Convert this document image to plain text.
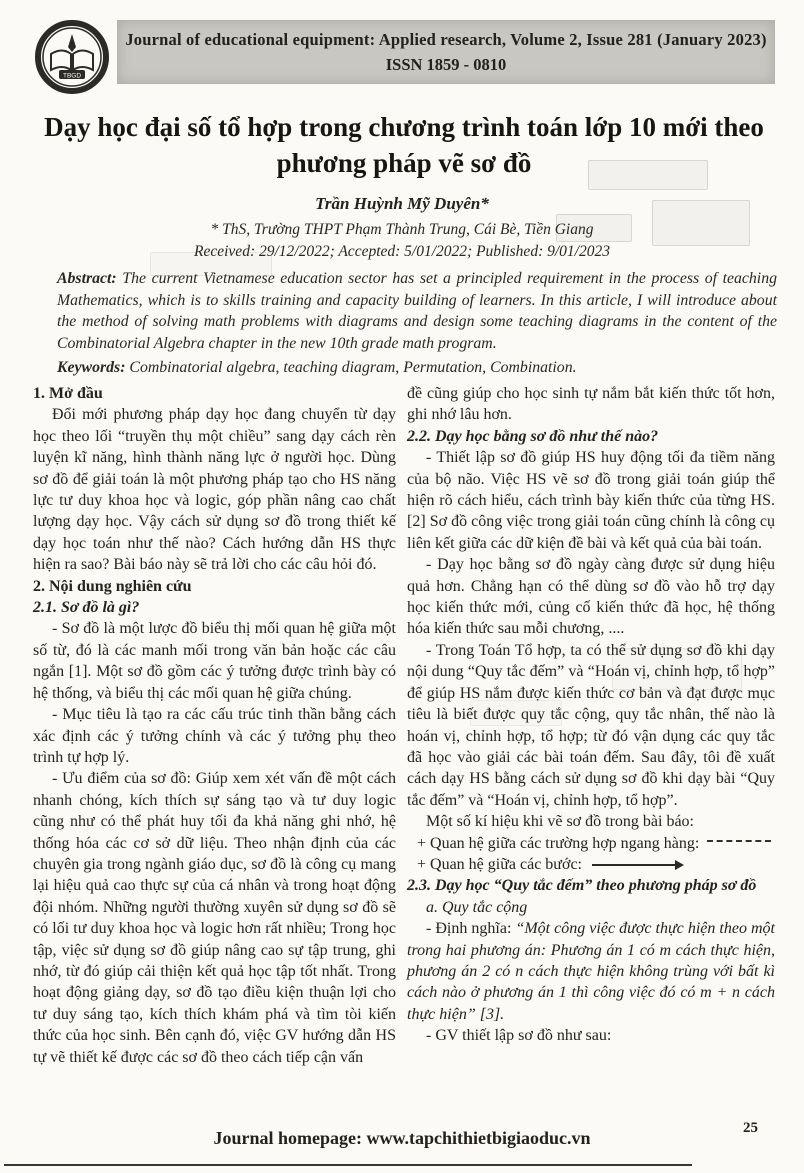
TBGD
Journal of educational equipment: Applied research, Volume 2, Issue 281 (January 2023)
ISSN 1859 - 0810
Dạy học đại số tổ hợp trong chương trình toán lớp 10 mới theo phương pháp vẽ sơ đồ
Trần Huỳnh Mỹ Duyên*
* ThS, Trường THPT Phạm Thành Trung, Cái Bè, Tiền Giang
Received: 29/12/2022; Accepted: 5/01/2022; Published: 9/01/2023

Abstract: The current Vietnamese education sector has set a principled requirement in the process of teaching Mathematics, which is to skills training and capacity building of learners. In this article, I will introduce about the method of solving math problems with diagrams and design some teaching diagrams in the content of the Combinatorial Algebra chapter in the new 10th grade math program.

Keywords: Combinatorial algebra, teaching diagram, Permutation, Combination.

1. Mở đầu

Đổi mới phương pháp dạy học đang chuyển từ dạy học theo lối “truyền thụ một chiều” sang dạy cách rèn luyện kĩ năng, hình thành năng lực ở người học. Dùng sơ đồ để giải toán là một phương pháp tạo cho HS năng lực tư duy khoa học và logic, góp phần nâng cao chất lượng dạy học. Vậy cách sử dụng sơ đồ trong thiết kế dạy học toán như thế nào? Cách hướng dẫn HS thực hiện ra sao? Bài báo này sẽ trả lời cho các câu hỏi đó.

2. Nội dung nghiên cứu

2.1. Sơ đồ là gì?

- Sơ đồ là một lược đồ biểu thị mối quan hệ giữa một số từ, đó là các manh mối trong văn bản hoặc các câu ngắn [1]. Một sơ đồ gồm các ý tưởng được trình bày có hệ thống, và biểu thị các mối quan hệ giữa chúng.

- Mục tiêu là tạo ra các cấu trúc tinh thần bằng cách xác định các ý tưởng chính và các ý tưởng phụ theo trình tự hợp lý.

- Ưu điểm của sơ đồ: Giúp xem xét vấn đề một cách nhanh chóng, kích thích sự sáng tạo và tư duy logic cũng như có thể phát huy tối đa khả năng ghi nhớ, hệ thống hóa các cơ sở dữ liệu. Theo nhận định của các chuyên gia trong ngành giáo dục, sơ đồ là công cụ mang lại hiệu quả cao thực sự của cá nhân và trong hoạt động đội nhóm. Những người thường xuyên sử dụng sơ đồ sẽ có lối tư duy khoa học và logic hơn rất nhiều; Trong học tập, việc sử dụng sơ đồ giúp nâng cao sự tập trung, ghi nhớ, từ đó giúp cải thiện kết quả học tập tốt nhất. Trong hoạt động giảng dạy, sơ đồ tạo điều kiện thuận lợi cho tư duy sáng tạo, kích thích khám phá và tìm tòi kiến thức của học sinh. Bên cạnh đó, việc GV hướng dẫn HS tự vẽ thiết kế được các sơ đồ theo cách tiếp cận vấn

đề cũng giúp cho học sinh tự nắm bắt kiến thức tốt hơn, ghi nhớ lâu hơn.

2.2. Dạy học bằng sơ đồ như thế nào?

- Thiết lập sơ đồ giúp HS huy động tối đa tiềm năng của bộ não. Việc HS vẽ sơ đồ trong giải toán giúp thể hiện rõ cách hiểu, cách trình bày kiến thức của từng HS. [2] Sơ đồ công việc trong giải toán cũng chính là công cụ liên kết giữa các dữ kiện đề bài và kết quả của bài toán.

- Dạy học bằng sơ đồ ngày càng được sử dụng hiệu quả hơn. Chẳng hạn có thể dùng sơ đồ vào hỗ trợ dạy học kiến thức mới, củng cố kiến thức đã học, hệ thống hóa kiến thức sau mỗi chương, ....

- Trong Toán Tổ hợp, ta có thể sử dụng sơ đồ khi dạy nội dung “Quy tắc đếm” và “Hoán vị, chỉnh hợp, tổ hợp” để giúp HS nắm được kiến thức cơ bản và đạt được mục tiêu là biết được quy tắc cộng, quy tắc nhân, thế nào là hoán vị, chỉnh hợp, tổ hợp; từ đó vận dụng các quy tắc đã học vào giải các bài toán đếm. Sau đây, tôi đề xuất cách dạy HS bằng cách sử dụng sơ đồ khi dạy bài “Quy tắc đếm” và “Hoán vị, chỉnh hợp, tổ hợp”.

Một số kí hiệu khi vẽ sơ đồ trong bài báo:

+ Quan hệ giữa các trường hợp ngang hàng:

+ Quan hệ giữa các bước:

2.3. Dạy học “Quy tắc đếm” theo phương pháp sơ đồ

a. Quy tắc cộng

- Định nghĩa: “Một công việc được thực hiện theo một trong hai phương án: Phương án 1 có m cách thực hiện, phương án 2 có n cách thực hiện không trùng với bất kì cách nào ở phương án 1 thì công việc đó có m + n cách thực hiện” [3].

- GV thiết lập sơ đồ như sau:

25
Journal homepage: www.tapchithietbigiaoduc.vn
